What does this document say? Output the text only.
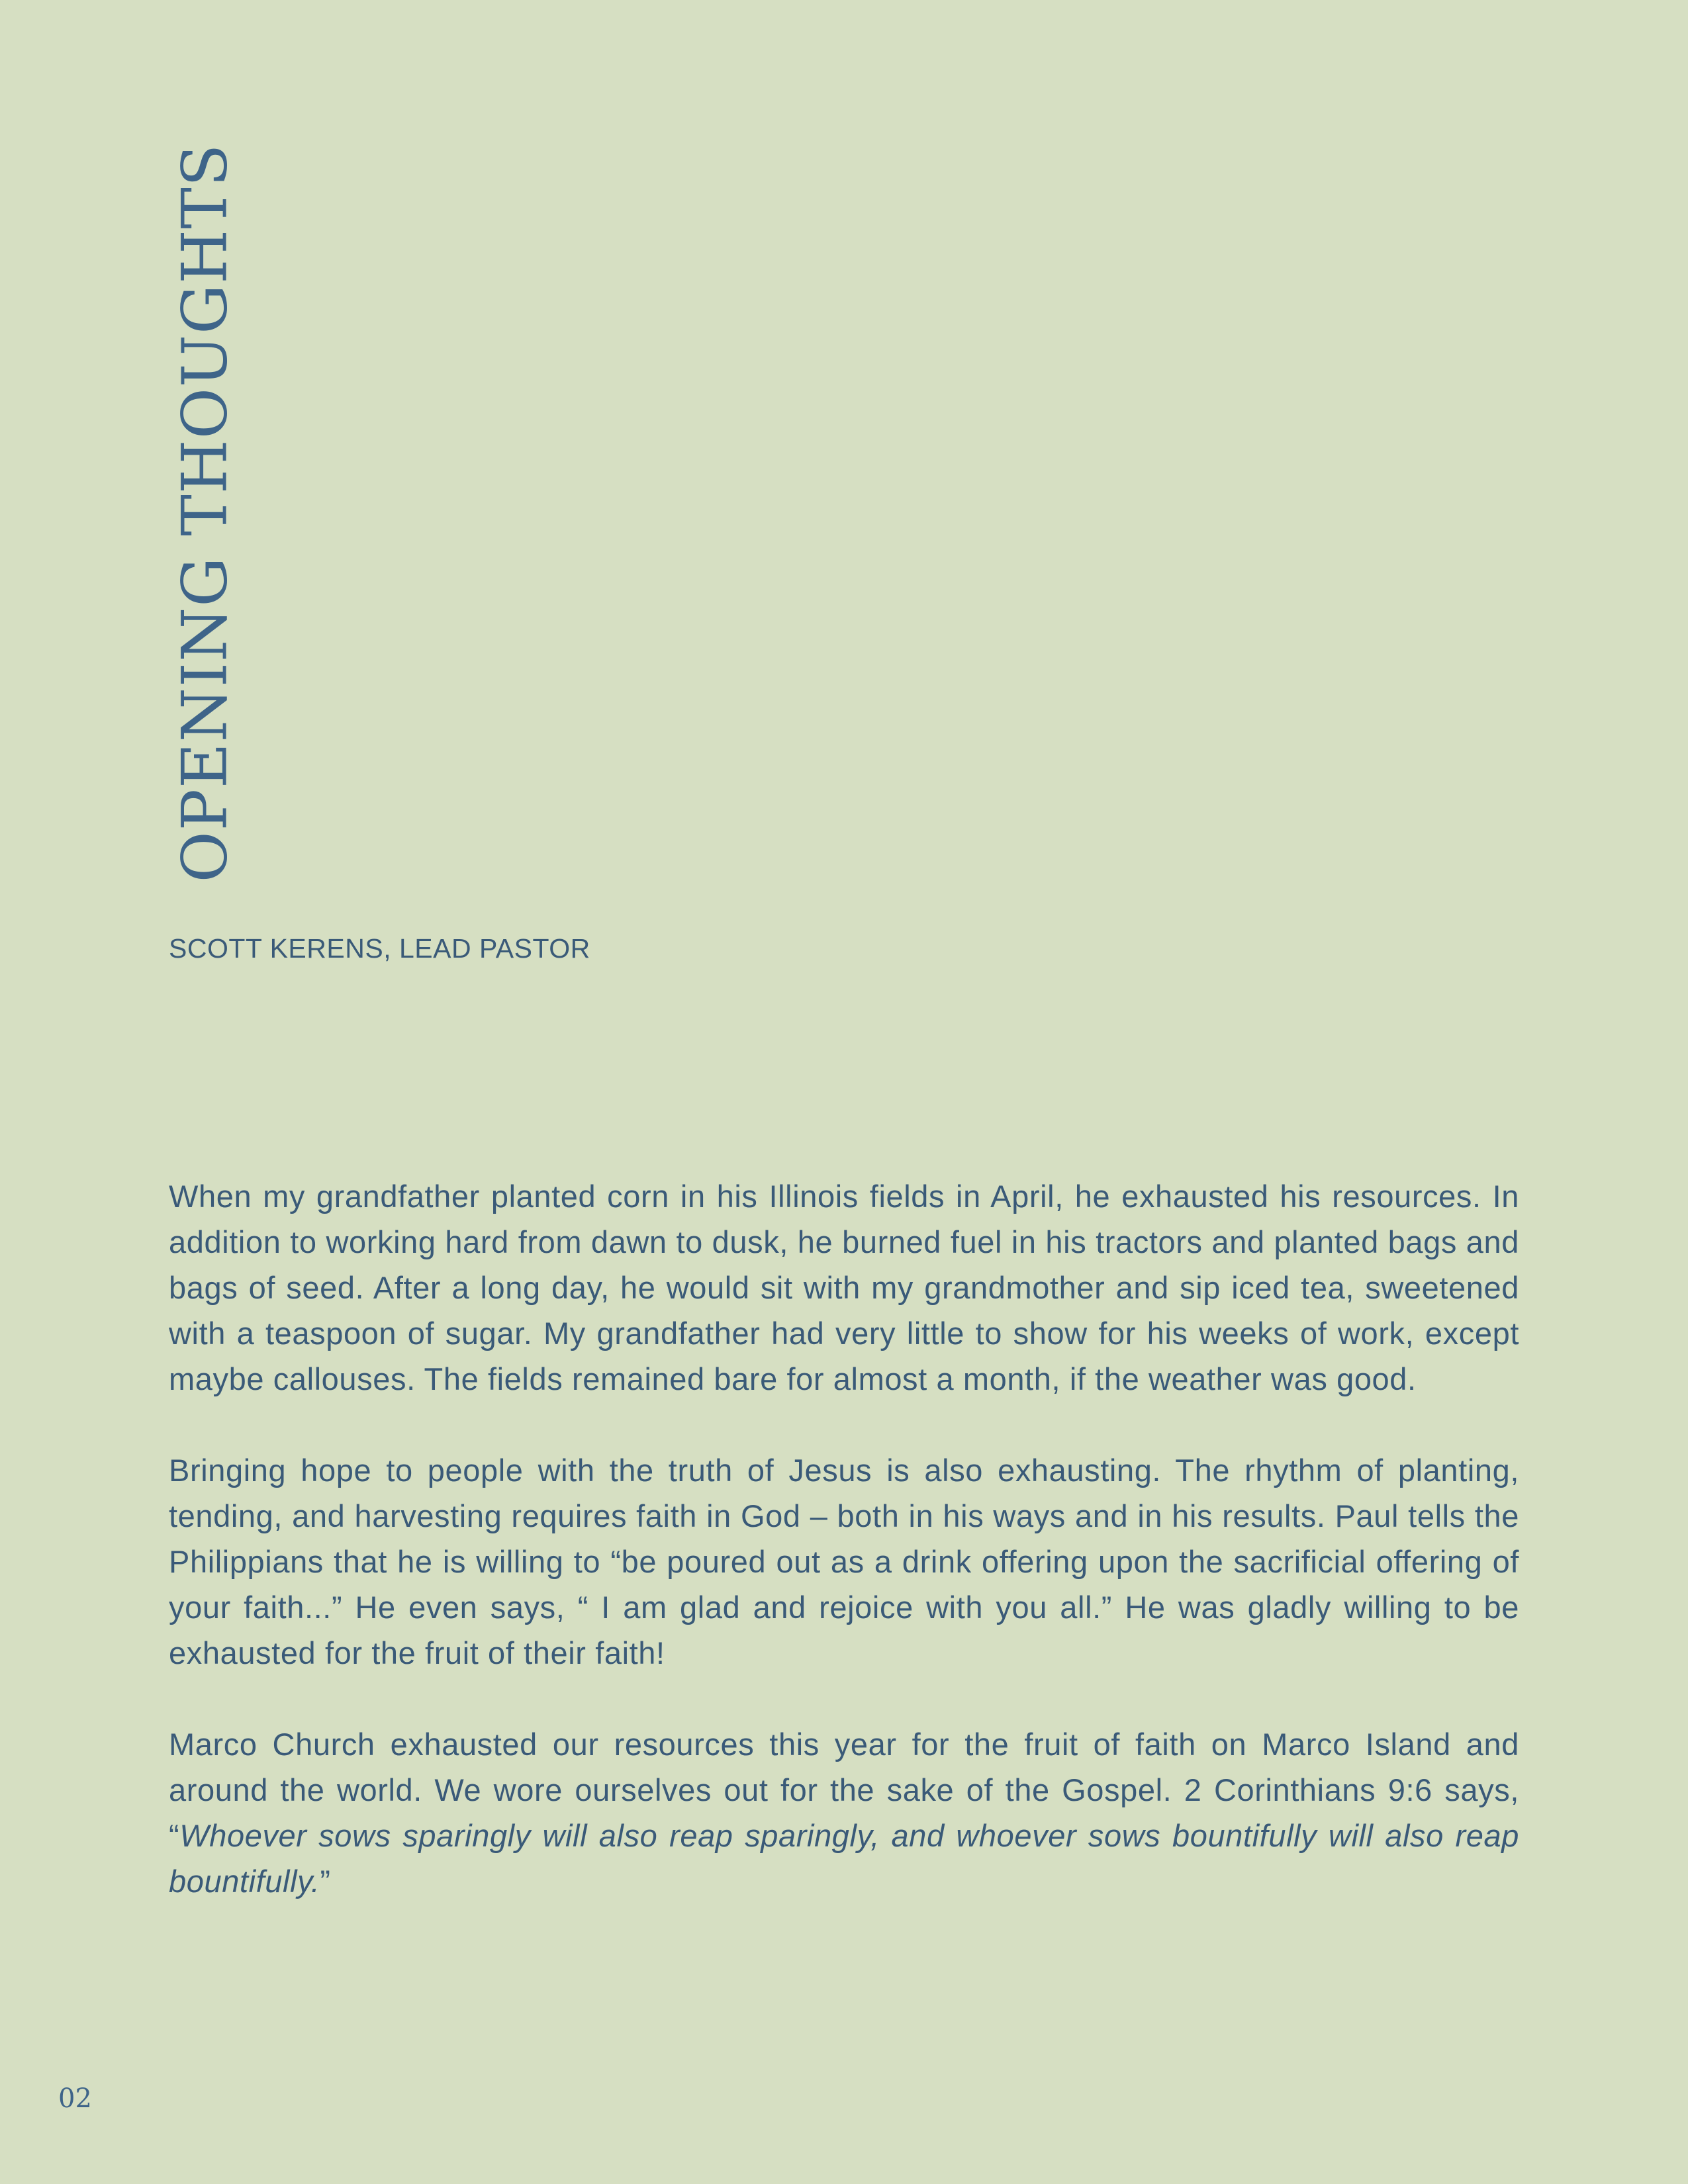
OPENING THOUGHTS

SCOTT KERENS, LEAD PASTOR

When my grandfather planted corn in his Illinois fields in April, he exhausted his resources. In addition to working hard from dawn to dusk, he burned fuel in his tractors and planted bags and bags of seed. After a long day, he would sit with my grandmother and sip iced tea, sweetened with a teaspoon of sugar. My grandfather had very little to show for his weeks of work, except maybe callouses. The fields remained bare for almost a month, if the weather was good.

Bringing hope to people with the truth of Jesus is also exhausting. The rhythm of planting, tending, and harvesting requires faith in God – both in his ways and in his results. Paul tells the Philippians that he is willing to “be poured out as a drink offering upon the sacrificial offering of your faith...” He even says, “ I am glad and rejoice with you all.” He was gladly willing to be exhausted for the fruit of their faith!

Marco Church exhausted our resources this year for the fruit of faith on Marco Island and around the world. We wore ourselves out for the sake of the Gospel. 2 Corinthians 9:6 says, “Whoever sows sparingly will also reap sparingly, and whoever sows bountifully will also reap bountifully.”

02
